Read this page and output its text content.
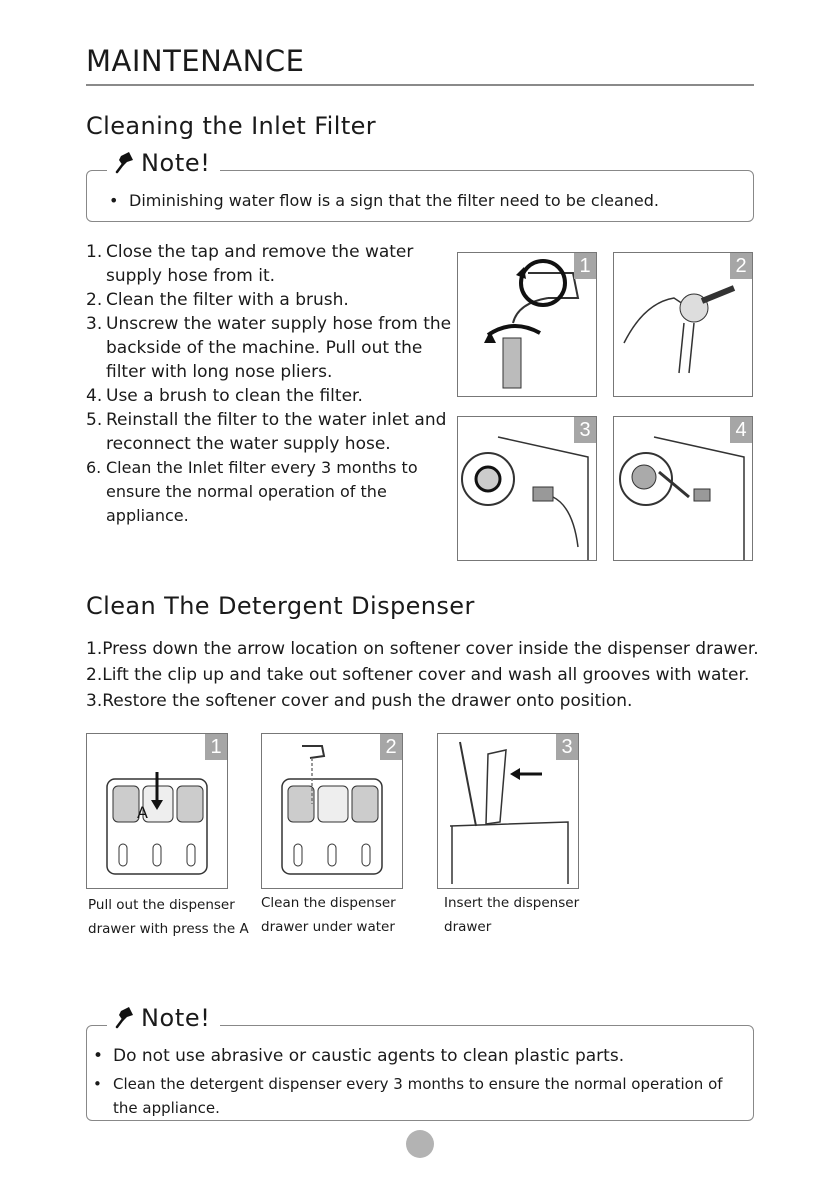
MAINTENANCE
Cleaning the Inlet Filter
Note!
• Diminishing water flow is a sign that the filter need to be cleaned.
1. Close the tap and remove the water supply hose from it.
2. Clean the filter with a brush.
3. Unscrew the water supply hose from the backside of the machine. Pull out the filter with long nose pliers.
4. Use a brush to clean the filter.
5. Reinstall the filter to the water inlet and reconnect the water supply hose.
6. Clean the Inlet filter every 3 months to ensure the normal operation of the appliance.
1	2
3	4
Clean The Detergent Dispenser
1.Press down the arrow location on softener cover inside the dispenser drawer.
2.Lift the clip up and take out softener cover and wash all grooves with water.
3.Restore the softener cover and push the drawer onto position.
A
1	2	3
Pull out the dispenser
drawer with press the A
Clean the dispenser
drawer under water
Insert the dispenser
drawer
Note!
• Do not use abrasive or caustic agents to clean plastic parts.
• Clean the detergent dispenser every 3 months to ensure the normal operation of the appliance.
